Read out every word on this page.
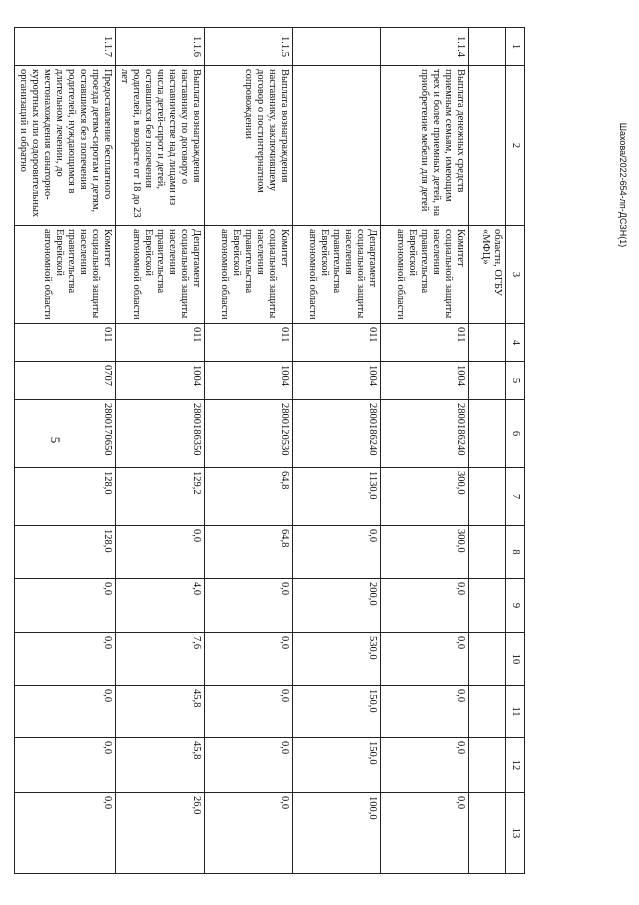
5
Шахова/2022-654-лп-ДСЗН(1)
1	2	3	4	5	6	7	8	9	10	11	12	13
		областн, ОГБУ «МФЦ»										
1.1.4	Выплата денежных средств приемным семьям, имеющим трех и более приемных детей, на приобретение мебели для детей	Комитет социальной защиты населения правительства Еврейской автономной области	011	1004	2800186240	300,0	300,0	0,0	0,0	0,0	0,0	0,0
		Департамент социальной защиты населения правительства Еврейской автономной области	011	1004	2800186240	1130,0	0,0	200,0	530,0	150,0	150,0	100,0
1.1.5	Выплата вознаграждения наставнику, заключившему договор о постинтернатном сопровождении	Комитет социальной защиты населения правительства Еврейской автономной области	011	1004	2800120530	64,8	64,8	0,0	0,0	0,0	0,0	0,0
1.1.6	Выплата вознаграждения наставнику по договору о наставничестве над лицами из числа детей-сирот и детей, оставшихся без попечения родителей, в возрасте от 18 до 23 лет	Департамент социальной защиты населения правительства Еврейской автономной области	011	1004	2800186350	129,2	0,0	4,0	7,6	45,8	45,8	26,0
1.1.7	Предоставление бесплатного проезда детям-сиротам и детям, оставшимся без попечения родителей, нуждающимся в длительном лечении, до местонахождения санаторно-курортных или оздоровительных организаций и обратно	Комитет социальной защиты населения правительства Еврейской автономной области	011	0707	2800170650	128,0	128,0	0,0	0,0	0,0	0,0	0,0
